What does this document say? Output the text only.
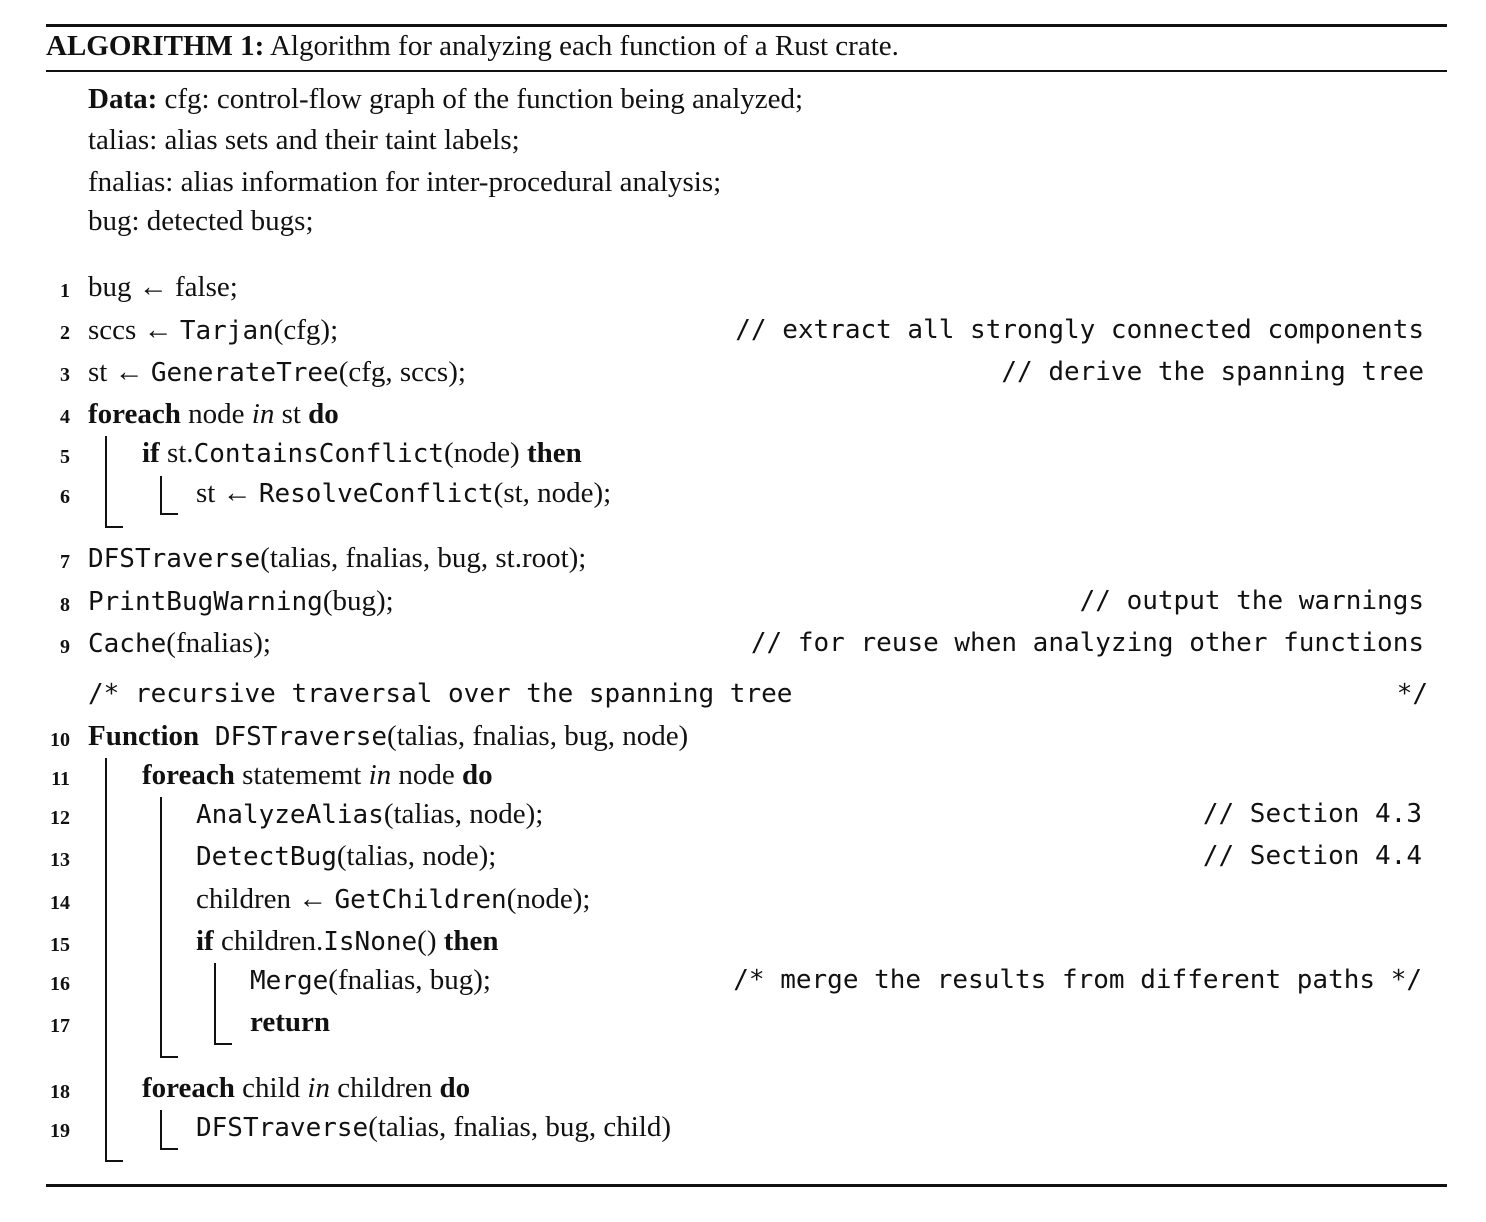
ALGORITHM 1: Algorithm for analyzing each function of a Rust crate.
Data: cfg: control-flow graph of the function being analyzed;
talias: alias sets and their taint labels;
fnalias: alias information for inter-procedural analysis;
bug: detected bugs;
1 bug ← false;
2 sccs ← Tarjan(cfg);	// extract all strongly connected components
3 st ← GenerateTree(cfg, sccs);	// derive the spanning tree
4 foreach node in st do
5 if st.ContainsConflict(node) then
6	st ← ResolveConflict(st, node);
7 DFSTraverse(talias, fnalias, bug, st.root);
8 PrintBugWarning(bug);	// output the warnings
9 Cache(fnalias);	// for reuse when analyzing other functions
/* recursive traversal over the spanning tree	*/
10 Function DFSTraverse(talias, fnalias, bug, node)
11 foreach statememt in node do
12	AnalyzeAlias(talias, node);	// Section 4.3
13	DetectBug(talias, node);	// Section 4.4
14	children ← GetChildren(node);
15	if children.IsNone() then
16	Merge(fnalias, bug);	/* merge the results from different paths */
17	return
18 foreach child in children do
19	DFSTraverse(talias, fnalias, bug, child)
